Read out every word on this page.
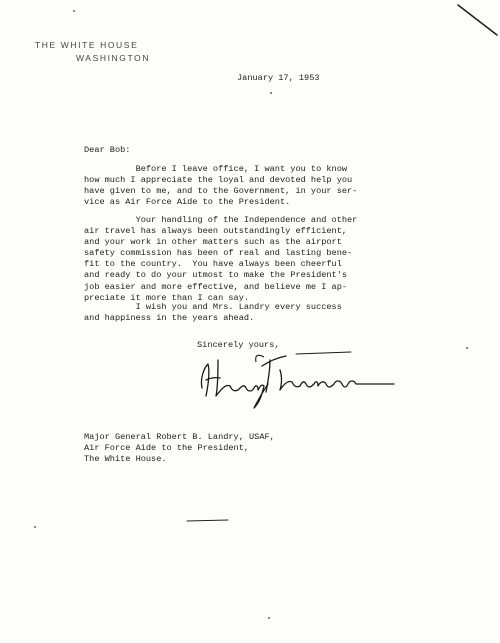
THE WHITE HOUSE
WASHINGTON
January 17, 1953
Dear Bob:
Before I leave office, I want you to know
how much I appreciate the loyal and devoted help you
have given to me, and to the Government, in your ser-
vice as Air Force Aide to the President.
Your handling of the Independence and other
air travel has always been outstandingly efficient,
and your work in other matters such as the airport
safety commission has been of real and lasting bene-
fit to the country.  You have always been cheerful
and ready to do your utmost to make the President's
job easier and more effective, and believe me I ap-
preciate it more than I can say.
I wish you and Mrs. Landry every success
and happiness in the years ahead.
Sincerely yours,
Major General Robert B. Landry, USAF,
Air Force Aide to the President,
The White House.
